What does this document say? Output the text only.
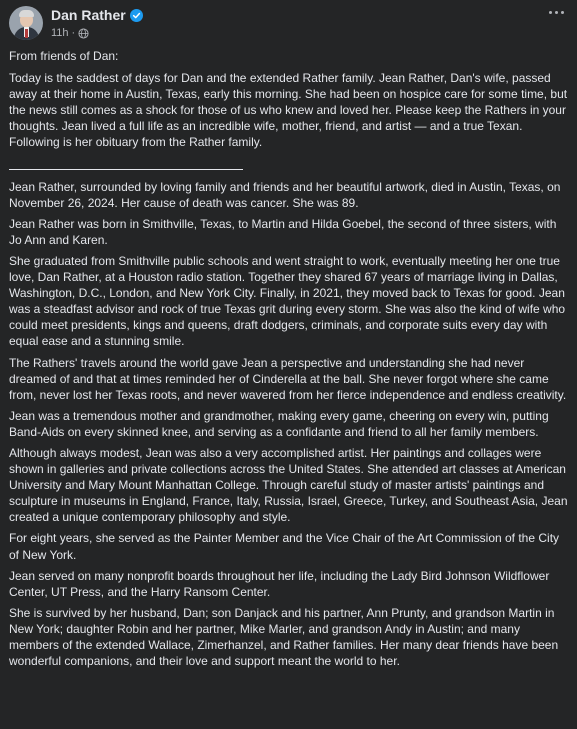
Dan Rather
11h ·

From friends of Dan:

Today is the saddest of days for Dan and the extended Rather family. Jean Rather, Dan's wife, passed away at their home in Austin, Texas, early this morning. She had been on hospice care for some time, but the news still comes as a shock for those of us who knew and loved her. Please keep the Rathers in your thoughts. Jean lived a full life as an incredible wife, mother, friend, and artist — and a true Texan. Following is her obituary from the Rather family.

Jean Rather, surrounded by loving family and friends and her beautiful artwork, died in Austin, Texas, on November 26, 2024. Her cause of death was cancer. She was 89.

Jean Rather was born in Smithville, Texas, to Martin and Hilda Goebel, the second of three sisters, with Jo Ann and Karen.

She graduated from Smithville public schools and went straight to work, eventually meeting her one true love, Dan Rather, at a Houston radio station. Together they shared 67 years of marriage living in Dallas, Washington, D.C., London, and New York City. Finally, in 2021, they moved back to Texas for good. Jean was a steadfast advisor and rock of true Texas grit during every storm. She was also the kind of wife who could meet presidents, kings and queens, draft dodgers, criminals, and corporate suits every day with equal ease and a stunning smile.

The Rathers' travels around the world gave Jean a perspective and understanding she had never dreamed of and that at times reminded her of Cinderella at the ball. She never forgot where she came from, never lost her Texas roots, and never wavered from her fierce independence and endless creativity.

Jean was a tremendous mother and grandmother, making every game, cheering on every win, putting Band-Aids on every skinned knee, and serving as a confidante and friend to all her family members.

Although always modest, Jean was also a very accomplished artist. Her paintings and collages were shown in galleries and private collections across the United States. She attended art classes at American University and Mary Mount Manhattan College. Through careful study of master artists' paintings and sculpture in museums in England, France, Italy, Russia, Israel, Greece, Turkey, and Southeast Asia, Jean created a unique contemporary philosophy and style.

For eight years, she served as the Painter Member and the Vice Chair of the Art Commission of the City of New York.

Jean served on many nonprofit boards throughout her life, including the Lady Bird Johnson Wildflower Center, UT Press, and the Harry Ransom Center.

She is survived by her husband, Dan; son Danjack and his partner, Ann Prunty, and grandson Martin in New York; daughter Robin and her partner, Mike Marler, and grandson Andy in Austin; and many members of the extended Wallace, Zimerhanzel, and Rather families. Her many dear friends have been wonderful companions, and their love and support meant the world to her.
